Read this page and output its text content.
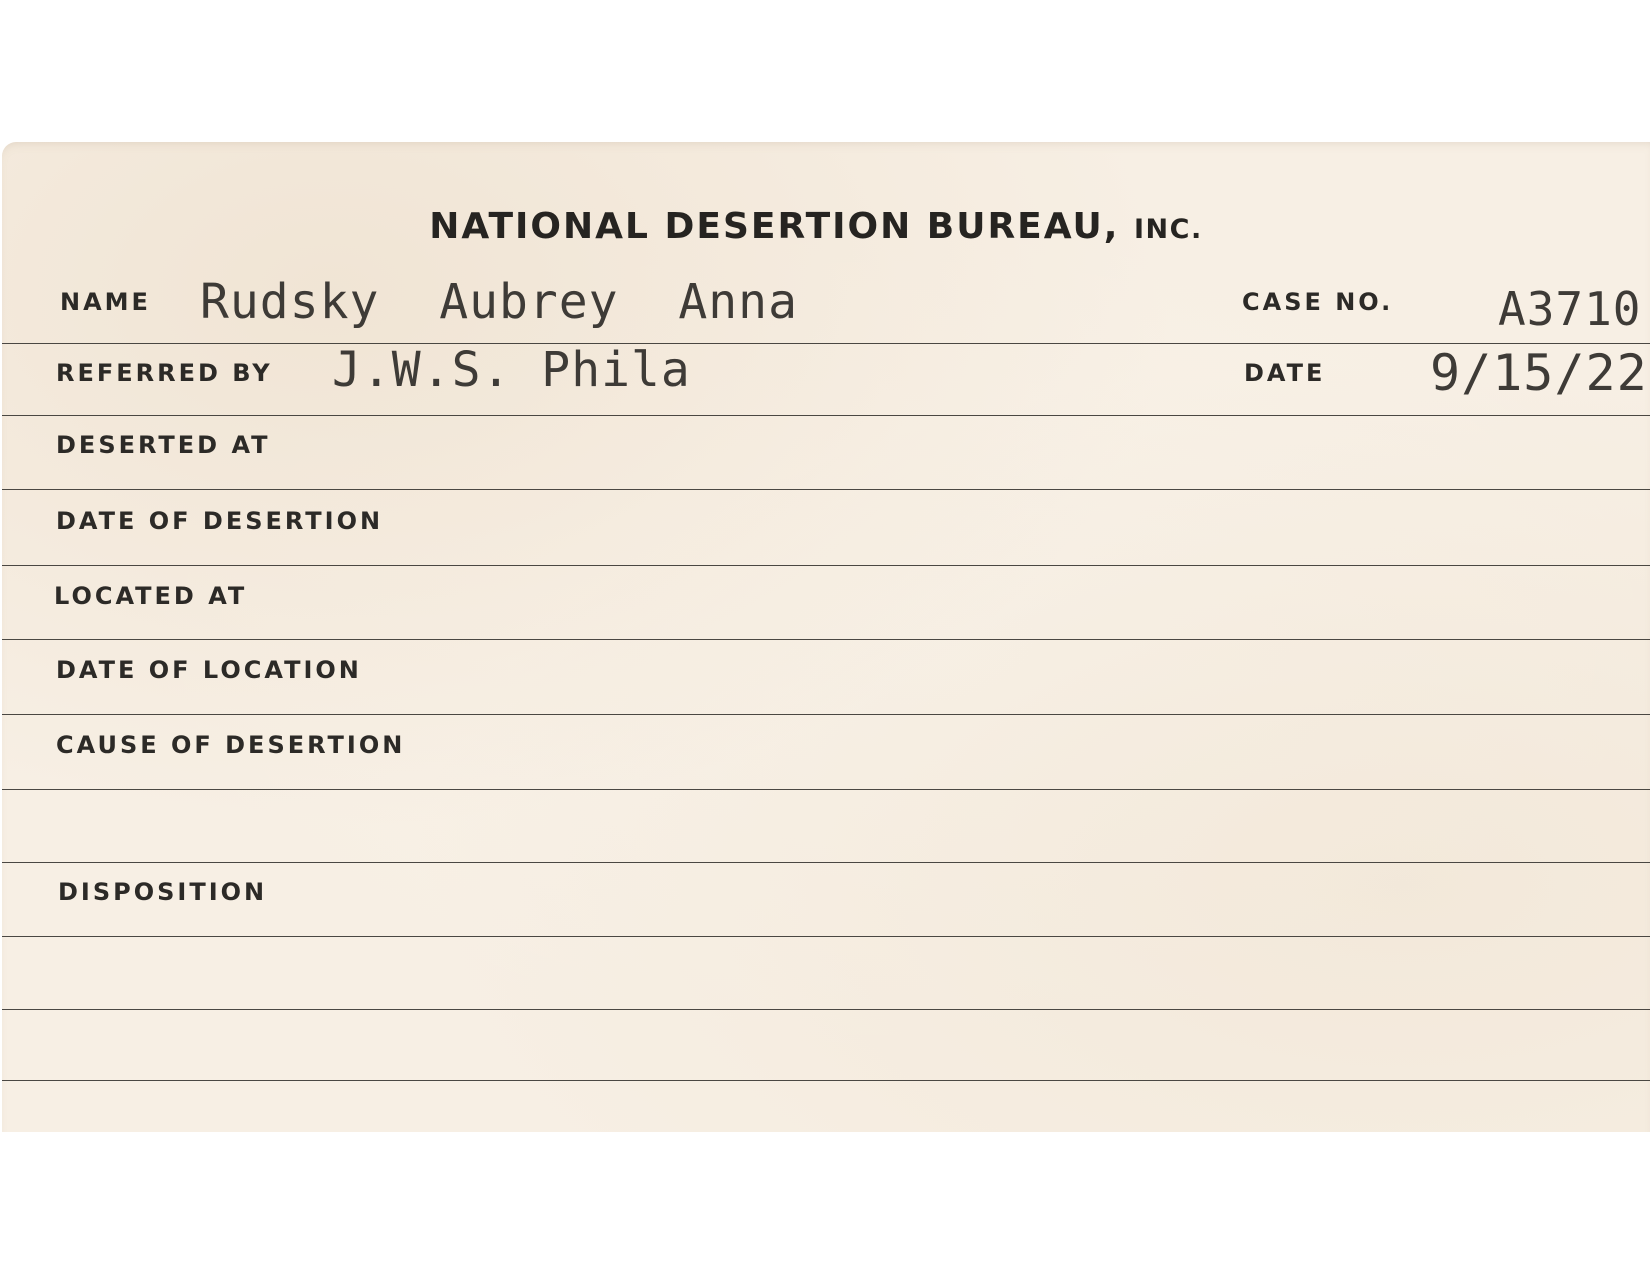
NATIONAL DESERTION BUREAU, INC.
NAME Rudsky  Aubrey  Anna	CASE NO. A3710
REFERRED BY J.W.S. Phila	DATE 9/15/22
DESERTED AT
DATE OF DESERTION
LOCATED AT
DATE OF LOCATION
CAUSE OF DESERTION
DISPOSITION
